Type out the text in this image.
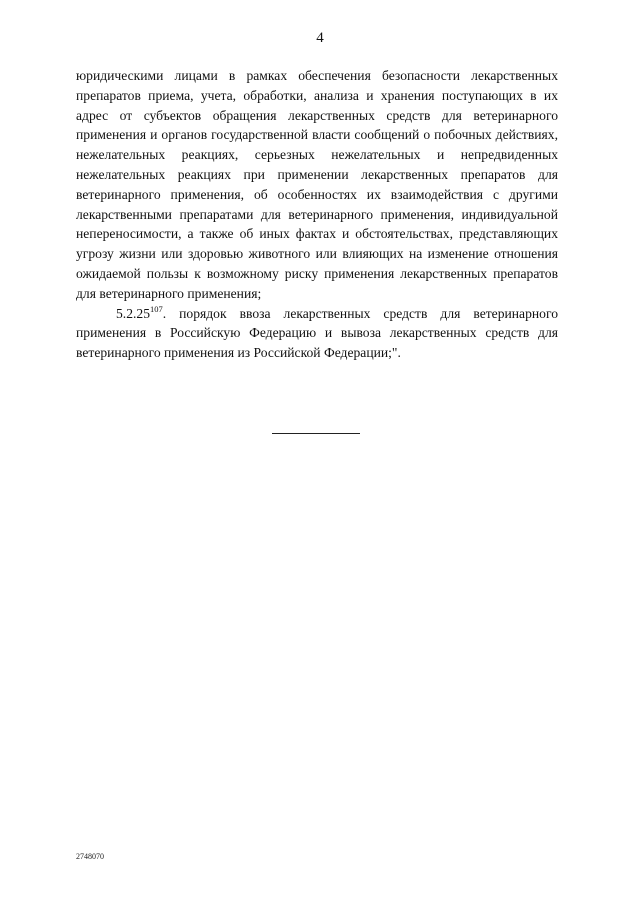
4

юридическими лицами в рамках обеспечения безопасности лекарственных препаратов приема, учета, обработки, анализа и хранения поступающих в их адрес от субъектов обращения лекарственных средств для ветеринарного применения и органов государственной власти сообщений о побочных действиях, нежелательных реакциях, серьезных нежелательных и непредвиденных нежелательных реакциях при применении лекарственных препаратов для ветеринарного применения, об особенностях их взаимодействия с другими лекарственными препаратами для ветеринарного применения, индивидуальной непереносимости, а также об иных фактах и обстоятельствах, представляющих угрозу жизни или здоровью животного или влияющих на изменение отношения ожидаемой пользы к возможному риску применения лекарственных препаратов для ветеринарного применения;

5.2.25$^{107}$. порядок ввоза лекарственных средств для ветеринарного применения в Российскую Федерацию и вывоза лекарственных средств для ветеринарного применения из Российской Федерации;".

2748070
